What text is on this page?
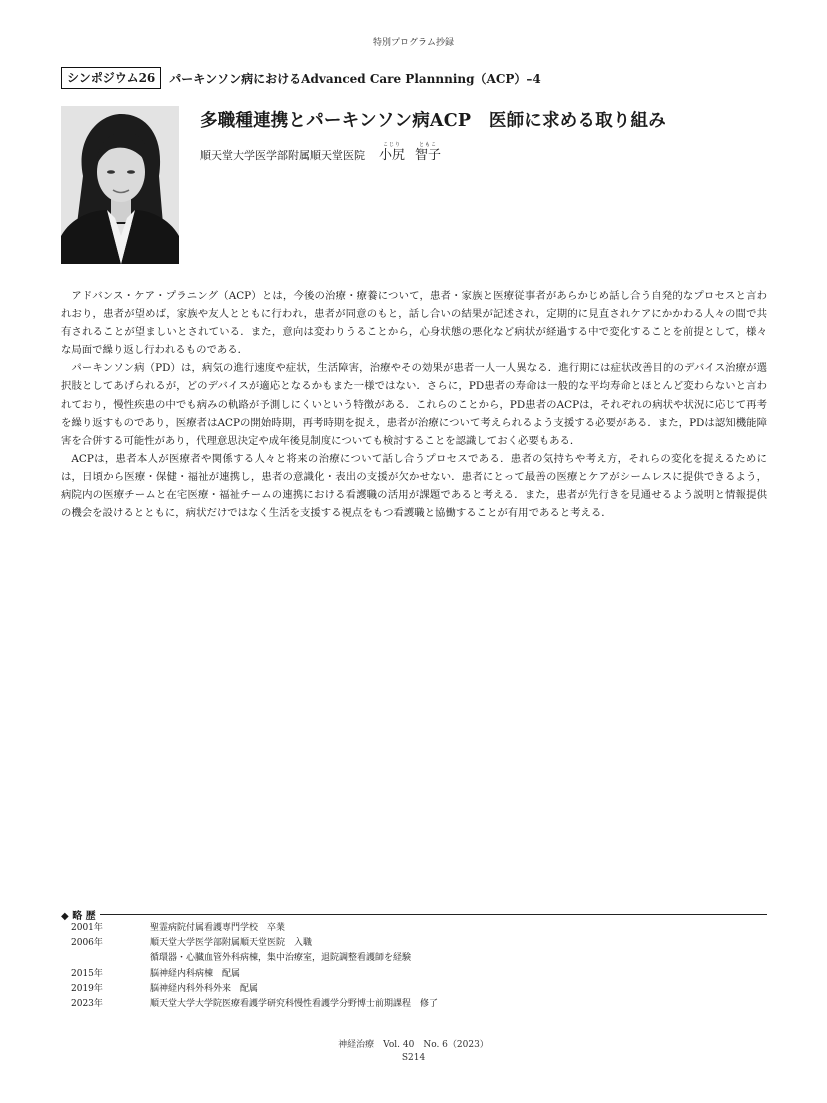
特別プログラム抄録
シンポジウム26	パーキンソン病におけるAdvanced Care Plannning（ACP）–4
多職種連携とパーキンソン病ACP　医師に求める取り組み
順天堂大学医学部附属順天堂医院
こじり
小尻
ともこ
智子

アドバンス・ケア・プラニング（ACP）とは，今後の治療・療養について，患者・家族と医療従事者があらかじめ話し合う自発的なプロセスと言われおり，患者が望めば，家族や友人とともに行われ，患者が同意のもと，話し合いの結果が記述され，定期的に見直されケアにかかわる人々の間で共有されることが望ましいとされている．また，意向は変わりうることから，心身状態の悪化など病状が経過する中で変化することを前提として，様々な局面で繰り返し行われるものである．

パーキンソン病（PD）は，病気の進行速度や症状，生活障害，治療やその効果が患者一人一人異なる．進行期には症状改善目的のデバイス治療が選択肢としてあげられるが，どのデバイスが適応となるかもまた一様ではない．さらに，PD患者の寿命は一般的な平均寿命とほとんど変わらないと言われており，慢性疾患の中でも病みの軌路が予測しにくいという特徴がある．これらのことから，PD患者のACPは，それぞれの病状や状況に応じて再考を繰り返すものであり，医療者はACPの開始時期，再考時期を捉え，患者が治療について考えられるよう支援する必要がある．また，PDは認知機能障害を合併する可能性があり，代理意思決定や成年後見制度についても検討することを認識しておく必要もある．

ACPは，患者本人が医療者や関係する人々と将来の治療について話し合うプロセスである．患者の気持ちや考え方，それらの変化を捉えるためには，日頃から医療・保健・福祉が連携し，患者の意識化・表出の支援が欠かせない．患者にとって最善の医療とケアがシームレスに提供できるよう，病院内の医療チームと在宅医療・福祉チームの連携における看護職の活用が課題であると考える．また，患者が先行きを見通せるよう説明と情報提供の機会を設けるとともに，病状だけではなく生活を支援する視点をもつ看護職と協働することが有用であると考える．

◆ 略 歴
2001年	聖霊病院付属看護専門学校　卒業
2006年	順天堂大学医学部附属順天堂医院　入職
循環器・心臓血管外科病棟，集中治療室，退院調整看護師を経験
2015年	脳神経内科病棟　配属
2019年	脳神経内科外科外来　配属
2023年	順天堂大学大学院医療看護学研究科慢性看護学分野博士前期課程　修了
神経治療　Vol. 40　No. 6（2023）
S214
